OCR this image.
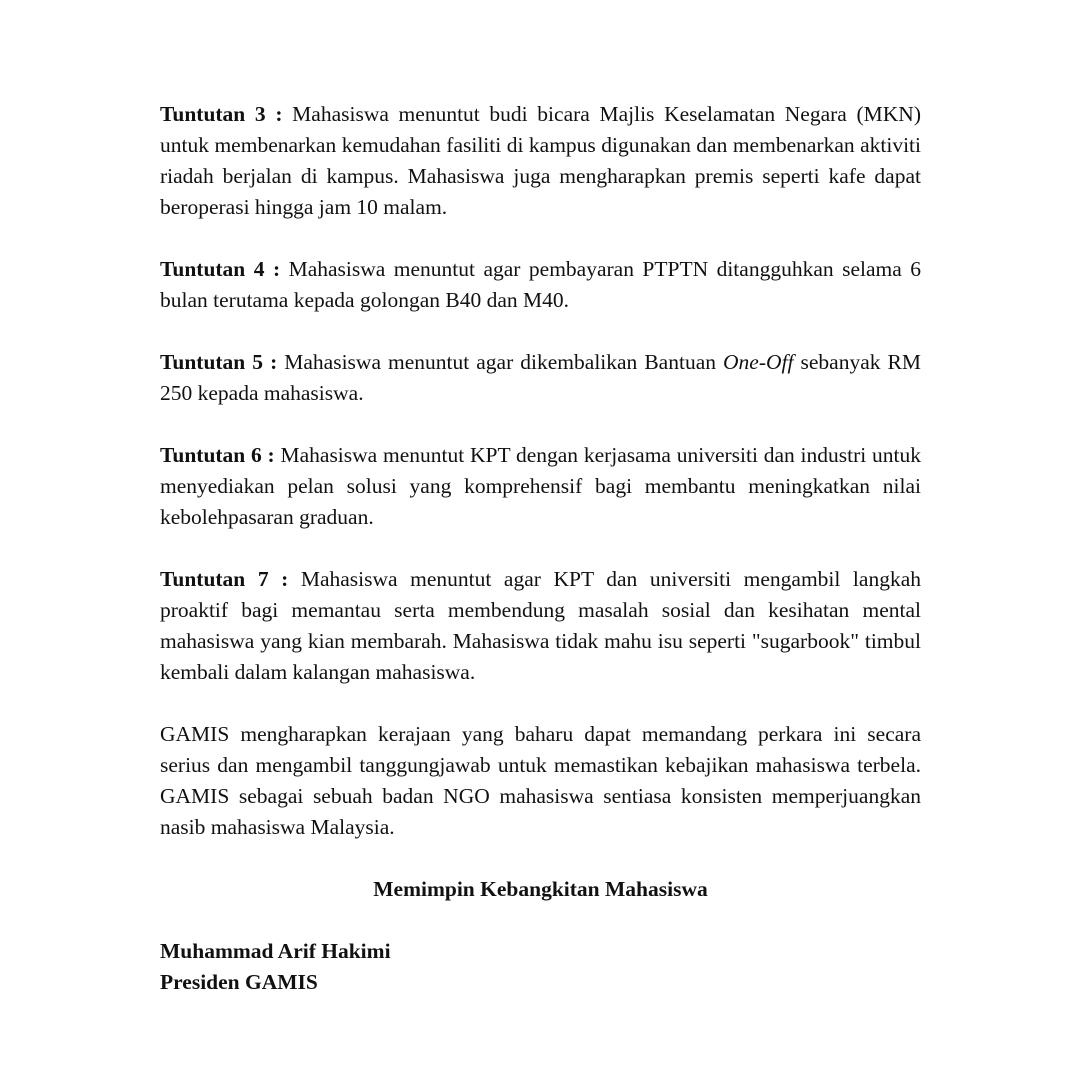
Tuntutan 3 : Mahasiswa menuntut budi bicara Majlis Keselamatan Negara (MKN) untuk membenarkan kemudahan fasiliti di kampus digunakan dan membenarkan aktiviti riadah berjalan di kampus. Mahasiswa juga mengharapkan premis seperti kafe dapat beroperasi hingga jam 10 malam.

Tuntutan 4 : Mahasiswa menuntut agar pembayaran PTPTN ditangguhkan selama 6 bulan terutama kepada golongan B40 dan M40.

Tuntutan 5 : Mahasiswa menuntut agar dikembalikan Bantuan One-Off sebanyak RM 250 kepada mahasiswa.

Tuntutan 6 : Mahasiswa menuntut KPT dengan kerjasama universiti dan industri untuk menyediakan pelan solusi yang komprehensif bagi membantu meningkatkan nilai kebolehpasaran graduan.

Tuntutan 7 : Mahasiswa menuntut agar KPT dan universiti mengambil langkah proaktif bagi memantau serta membendung masalah sosial dan kesihatan mental mahasiswa yang kian membarah. Mahasiswa tidak mahu isu seperti "sugarbook" timbul kembali dalam kalangan mahasiswa.

GAMIS mengharapkan kerajaan yang baharu dapat memandang perkara ini secara serius dan mengambil tanggungjawab untuk memastikan kebajikan mahasiswa terbela. GAMIS sebagai sebuah badan NGO mahasiswa sentiasa konsisten memperjuangkan nasib mahasiswa Malaysia.

Memimpin Kebangkitan Mahasiswa

Muhammad Arif Hakimi

Presiden GAMIS
